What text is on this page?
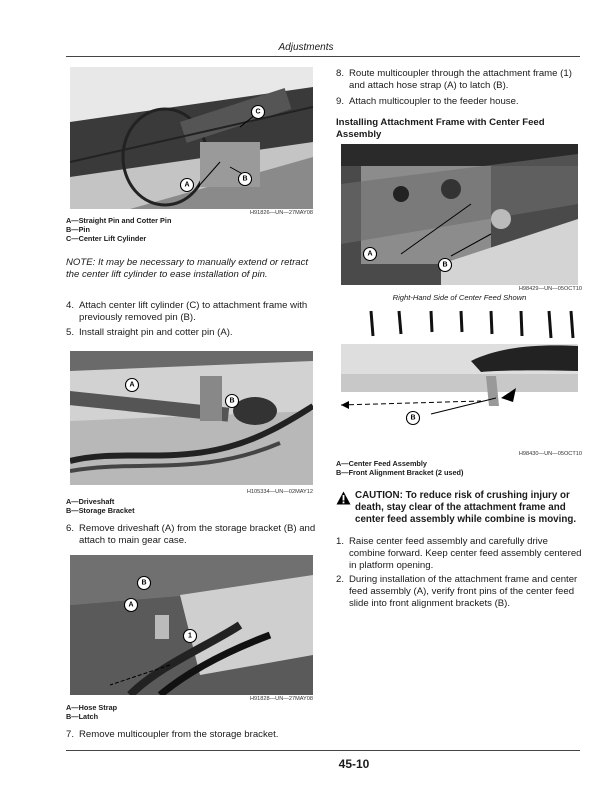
Adjustments
C
A
B
H91826—UN—27MAY08
A—Straight Pin and Cotter Pin
B—Pin
C—Center Lift Cylinder
NOTE: It may be necessary to manually extend or retract the center lift cylinder to ease installation of pin.
4. Attach center lift cylinder (C) to attachment frame with previously removed pin (B).
5. Install straight pin and cotter pin (A).
A
B
H105334—UN—02MAY12
A—Driveshaft
B—Storage Bracket
6. Remove driveshaft (A) from the storage bracket (B) and attach to main gear case.
B
A
1
H91828—UN—27MAY08
A—Hose Strap
B—Latch
7. Remove multicoupler from the storage bracket.
8. Route multicoupler through the attachment frame (1) and attach hose strap (A) to latch (B).
9. Attach multicoupler to the feeder house.
Installing Attachment Frame with Center Feed Assembly
A
B
H98429—UN—05OCT10
Right-Hand Side of Center Feed Shown
B
H98430—UN—05OCT10
A—Center Feed Assembly
B—Front Alignment Bracket (2 used)
CAUTION: To reduce risk of crushing injury or death, stay clear of the attachment frame and center feed assembly while combine is moving.
1. Raise center feed assembly and carefully drive combine forward. Keep center feed assembly centered in platform opening.
2. During installation of the attachment frame and center feed assembly (A), verify front pins of the center feed slide into front alignment brackets (B).
45-10
